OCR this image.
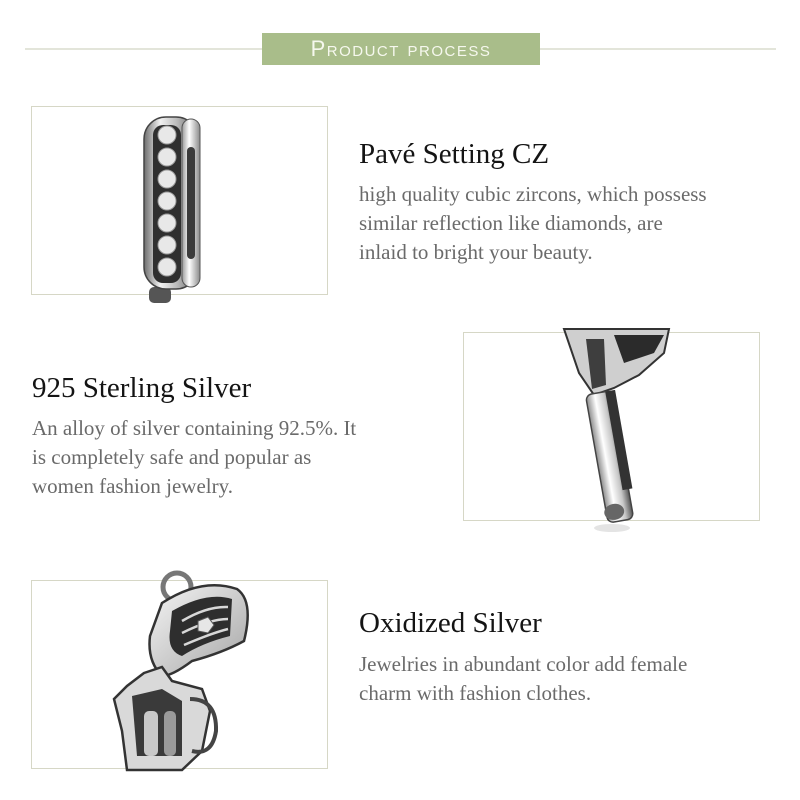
Product process
Pavé Setting CZ
high quality cubic zircons, which possess
similar reflection like diamonds, are
inlaid to bright your beauty.
925 Sterling Silver
An alloy of silver containing 92.5%. It
is completely safe and popular as
women fashion jewelry.
Oxidized Silver
Jewelries in abundant color add female
charm with fashion clothes.
